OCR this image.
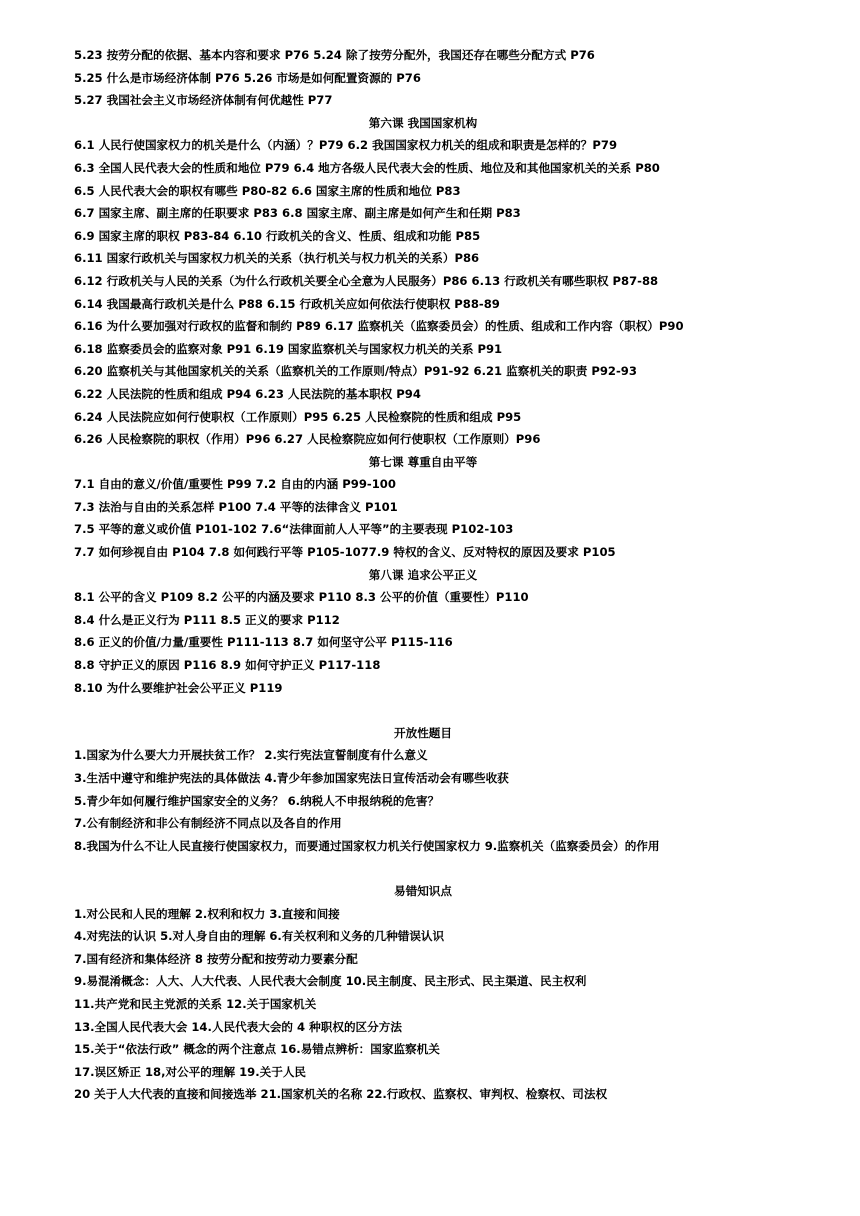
5.23 按劳分配的依据、基本内容和要求 P76 5.24 除了按劳分配外，我国还存在哪些分配方式 P76
5.25 什么是市场经济体制 P76 5.26 市场是如何配置资源的 P76
5.27 我国社会主义市场经济体制有何优越性 P77
第六课 我国国家机构
6.1 人民行使国家权力的机关是什么（内涵）？P79 6.2 我国国家权力机关的组成和职责是怎样的？P79
6.3 全国人民代表大会的性质和地位 P79 6.4 地方各级人民代表大会的性质、地位及和其他国家机关的关系 P80
6.5 人民代表大会的职权有哪些 P80-82 6.6 国家主席的性质和地位 P83
6.7 国家主席、副主席的任职要求 P83 6.8 国家主席、副主席是如何产生和任期 P83
6.9 国家主席的职权 P83-84 6.10 行政机关的含义、性质、组成和功能 P85
6.11 国家行政机关与国家权力机关的关系（执行机关与权力机关的关系）P86
6.12 行政机关与人民的关系（为什么行政机关要全心全意为人民服务）P86 6.13 行政机关有哪些职权 P87-88
6.14 我国最高行政机关是什么 P88 6.15 行政机关应如何依法行使职权 P88-89
6.16 为什么要加强对行政权的监督和制约 P89 6.17 监察机关（监察委员会）的性质、组成和工作内容（职权）P90
6.18 监察委员会的监察对象 P91 6.19 国家监察机关与国家权力机关的关系 P91
6.20 监察机关与其他国家机关的关系（监察机关的工作原则/特点）P91-92 6.21 监察机关的职责 P92-93
6.22 人民法院的性质和组成 P94 6.23 人民法院的基本职权 P94
6.24 人民法院应如何行使职权（工作原则）P95 6.25 人民检察院的性质和组成 P95
6.26 人民检察院的职权（作用）P96 6.27 人民检察院应如何行使职权（工作原则）P96
第七课 尊重自由平等
7.1 自由的意义/价值/重要性 P99 7.2 自由的内涵 P99-100
7.3 法治与自由的关系怎样 P100 7.4 平等的法律含义 P101
7.5 平等的意义或价值 P101-102 7.6“法律面前人人平等”的主要表现 P102-103
7.7 如何珍视自由 P104 7.8 如何践行平等 P105-1077.9 特权的含义、反对特权的原因及要求 P105
第八课 追求公平正义
8.1 公平的含义 P109 8.2 公平的内涵及要求 P110 8.3 公平的价值（重要性）P110
8.4 什么是正义行为 P111 8.5 正义的要求 P112
8.6 正义的价值/力量/重要性 P111-113 8.7 如何坚守公平 P115-116
8.8 守护正义的原因 P116 8.9 如何守护正义 P117-118
8.10 为什么要维护社会公平正义 P119
开放性题目
1.国家为什么要大力开展扶贫工作？ 2.实行宪法宣誓制度有什么意义
3.生活中遵守和维护宪法的具体做法 4.青少年参加国家宪法日宣传活动会有哪些收获
5.青少年如何履行维护国家安全的义务？ 6.纳税人不申报纳税的危害？
7.公有制经济和非公有制经济不同点以及各自的作用
8.我国为什么不让人民直接行使国家权力，而要通过国家权力机关行使国家权力 9.监察机关（监察委员会）的作用
易错知识点
1.对公民和人民的理解 2.权利和权力 3.直接和间接
4.对宪法的认识 5.对人身自由的理解 6.有关权利和义务的几种错误认识
7.国有经济和集体经济 8 按劳分配和按劳动力要素分配
9.易混淆概念：人大、人大代表、人民代表大会制度 10.民主制度、民主形式、民主渠道、民主权利
11.共产党和民主党派的关系 12.关于国家机关
13.全国人民代表大会 14.人民代表大会的 4 种职权的区分方法
15.关于“依法行政” 概念的两个注意点 16.易错点辨析：国家监察机关
17.误区矫正 18,对公平的理解 19.关于人民
20 关于人大代表的直接和间接选举 21.国家机关的名称 22.行政权、监察权、审判权、检察权、司法权
